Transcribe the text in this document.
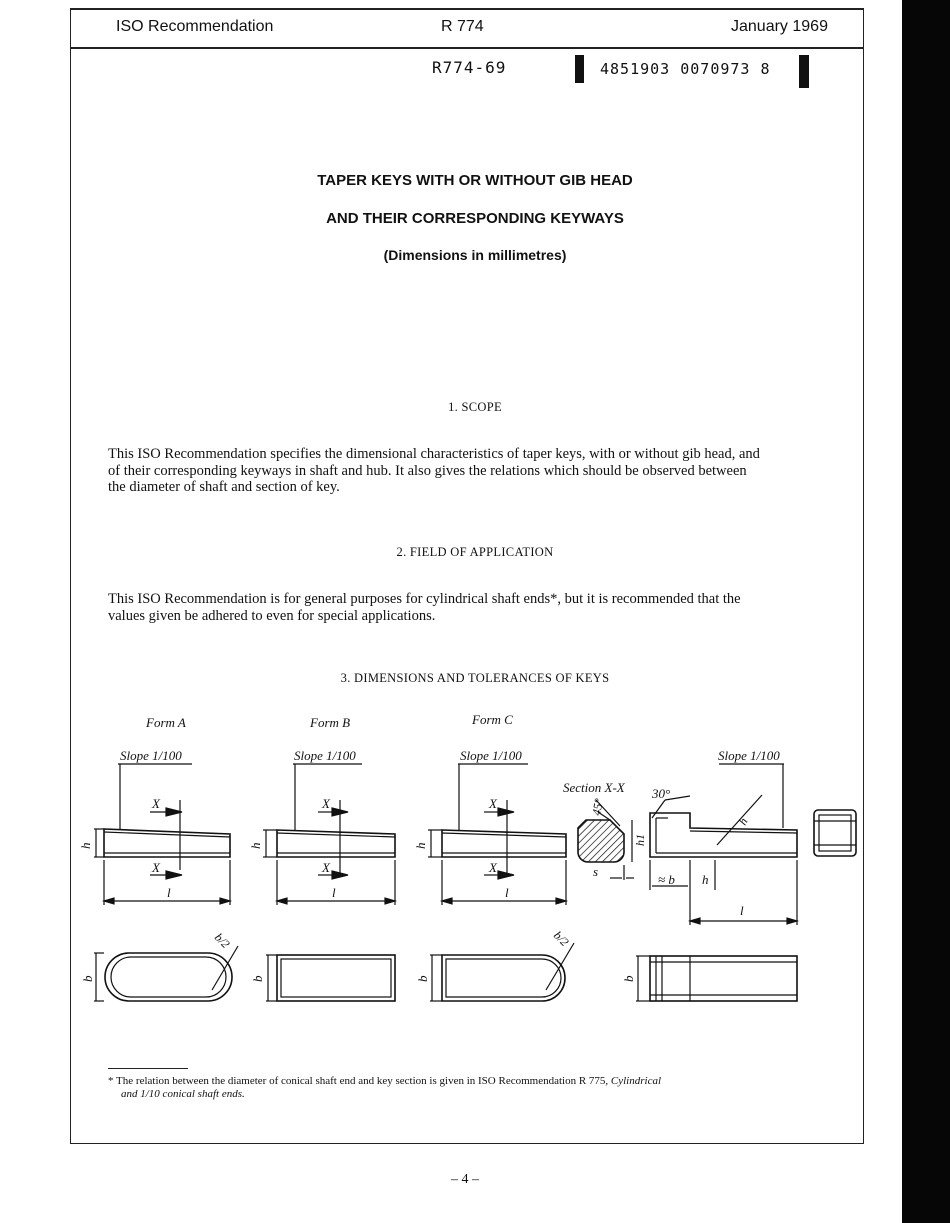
ISO Recommendation	R 774	January 1969
R774-69	4851903 0070973 8
TAPER KEYS WITH OR WITHOUT GIB HEAD
AND THEIR CORRESPONDING KEYWAYS
(Dimensions in millimetres)
1. SCOPE
This ISO Recommendation specifies the dimensional characteristics of taper keys, with or without gib head, and
of their corresponding keyways in shaft and hub. It also gives the relations which should be observed between
the diameter of shaft and section of key.
2. FIELD OF APPLICATION
This ISO Recommendation is for general purposes for cylindrical shaft ends*, but it is recommended that the
values given be adhered to even for special applications.
3. DIMENSIONS AND TOLERANCES OF KEYS
Form A	Form B	Form C
Slope 1/100	Slope 1/100	Slope 1/100	Slope 1/100
Section X-X 30°
45°
X
X
X
X
X
X
h	h	h
l	l	l
l
b	b	b	b
s
h1
h
≈ b h
b/2	b/2
* The relation between the diameter of conical shaft end and key section is given in ISO Recommendation R 775, Cylindrical
and 1/10 conical shaft ends.
– 4 –
